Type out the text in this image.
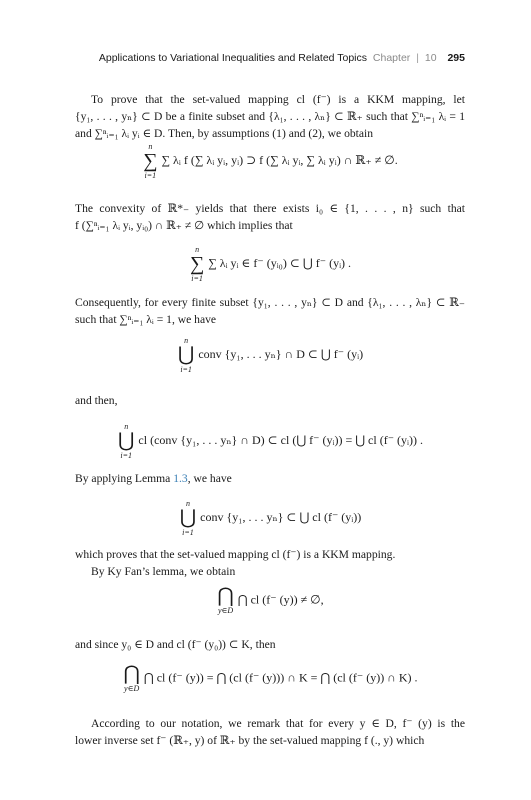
Applications to Variational Inequalities and Related Topics Chapter | 10 295

To prove that the set-valued mapping cl (f⁻) is a KKM mapping, let

{y₁, . . . , yₙ} ⊂ D be a finite subset and {λ₁, . . . , λₙ} ⊂ ℝ₊ such that ∑ⁿᵢ₌₁ λᵢ = 1

and ∑ⁿᵢ₌₁ λᵢ yᵢ ∈ D. Then, by assumptions (1) and (2), we obtain

n
∑
i=1
∑ λᵢ f (∑ λᵢ yᵢ, yᵢ) ⊃ f (∑ λᵢ yᵢ, ∑ λᵢ yᵢ) ∩ ℝ₊ ≠ ∅.

The convexity of ℝ*₋ yields that there exists i₀ ∈ {1, . . . , n} such that

f (∑ⁿᵢ₌₁ λᵢ yᵢ, yᵢ₀) ∩ ℝ₊ ≠ ∅ which implies that

n
∑
i=1
∑ λᵢ yᵢ ∈ f⁻ (yᵢ₀) ⊂ ⋃ f⁻ (yᵢ) .

Consequently, for every finite subset {y₁, . . . , yₙ} ⊂ D and {λ₁, . . . , λₙ} ⊂ ℝ₋

such that ∑ⁿᵢ₌₁ λᵢ = 1, we have

n
⋃
i=1
conv {y₁, . . . yₙ} ∩ D ⊂ ⋃ f⁻ (yᵢ)

and then,

n
⋃
i=1
cl (conv {y₁, . . . yₙ} ∩ D) ⊂ cl (⋃ f⁻ (yᵢ)) = ⋃ cl (f⁻ (yᵢ)) .

By applying Lemma 1.3, we have

n
⋃
i=1
conv {y₁, . . . yₙ} ⊂ ⋃ cl (f⁻ (yᵢ))

which proves that the set-valued mapping cl (f⁻) is a KKM mapping.

By Ky Fan’s lemma, we obtain

⋂
y∈D
⋂ cl (f⁻ (y)) ≠ ∅,

and since y₀ ∈ D and cl (f⁻ (y₀)) ⊂ K, then

⋂
y∈D
⋂ cl (f⁻ (y)) = ⋂ (cl (f⁻ (y))) ∩ K = ⋂ (cl (f⁻ (y)) ∩ K) .

According to our notation, we remark that for every y ∈ D, f⁻ (y) is the

lower inverse set f⁻ (ℝ₊, y) of ℝ₊ by the set-valued mapping f (., y) which
